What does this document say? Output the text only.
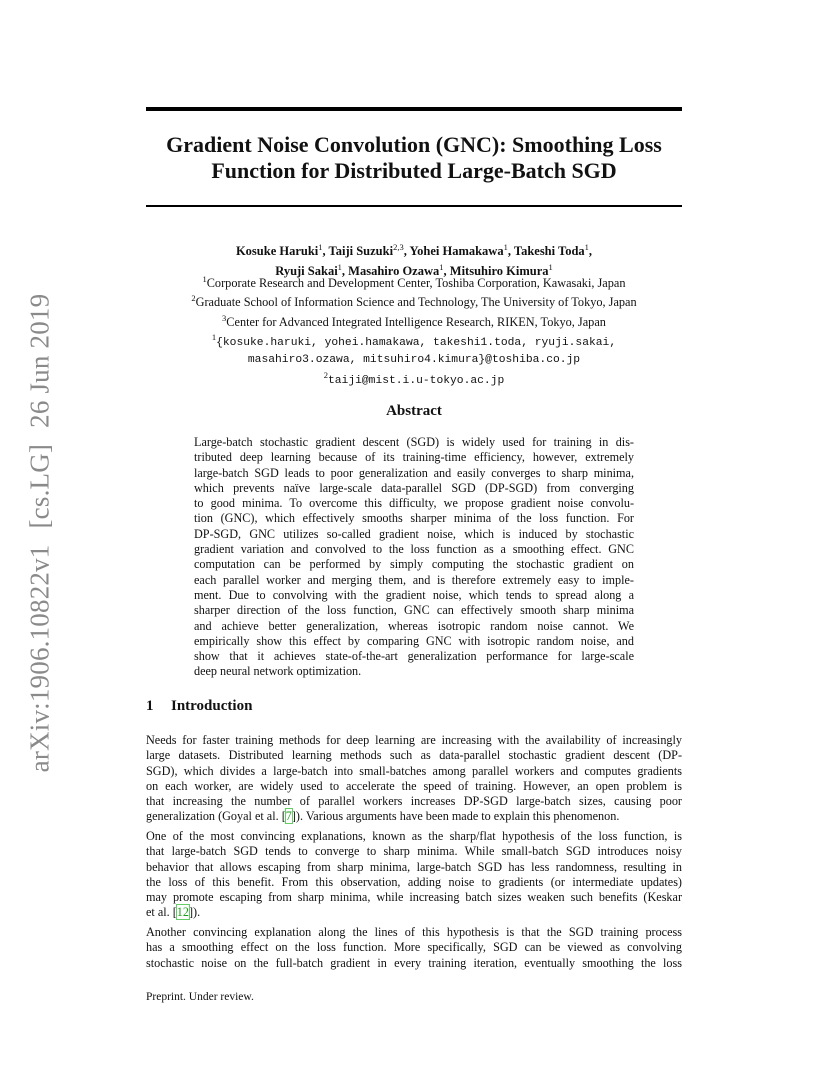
arXiv:1906.10822v1[cs.LG]26 Jun 2019
Gradient Noise Convolution (GNC): Smoothing Loss
Function for Distributed Large-Batch SGD
Kosuke Haruki$^1$, Taiji Suzuki$^{2,3}$, Yohei Hamakawa$^1$, Takeshi Toda$^1$,
Ryuji Sakai$^1$, Masahiro Ozawa$^1$, Mitsuhiro Kimura$^1$
$^1$Corporate Research and Development Center, Toshiba Corporation, Kawasaki, Japan
$^2$Graduate School of Information Science and Technology, The University of Tokyo, Japan
$^3$Center for Advanced Integrated Intelligence Research, RIKEN, Tokyo, Japan
$^1${kosuke.haruki, yohei.hamakawa, takeshi1.toda, ryuji.sakai,
masahiro3.ozawa, mitsuhiro4.kimura}@toshiba.co.jp
$^2$taiji@mist.i.u-tokyo.ac.jp
Abstract
Large-batch stochastic gradient descent (SGD) is widely used for training in dis-
tributed deep learning because of its training-time efficiency, however, extremely
large-batch SGD leads to poor generalization and easily converges to sharp minima,
which prevents naïve large-scale data-parallel SGD (DP-SGD) from converging
to good minima. To overcome this difficulty, we propose gradient noise convolu-
tion (GNC), which effectively smooths sharper minima of the loss function. For
DP-SGD, GNC utilizes so-called gradient noise, which is induced by stochastic
gradient variation and convolved to the loss function as a smoothing effect. GNC
computation can be performed by simply computing the stochastic gradient on
each parallel worker and merging them, and is therefore extremely easy to imple-
ment. Due to convolving with the gradient noise, which tends to spread along a
sharper direction of the loss function, GNC can effectively smooth sharp minima
and achieve better generalization, whereas isotropic random noise cannot. We
empirically show this effect by comparing GNC with isotropic random noise, and
show that it achieves state-of-the-art generalization performance for large-scale
deep neural network optimization.
1 Introduction
Needs for faster training methods for deep learning are increasing with the availability of increasingly
large datasets. Distributed learning methods such as data-parallel stochastic gradient descent (DP-
SGD), which divides a large-batch into small-batches among parallel workers and computes gradients
on each worker, are widely used to accelerate the speed of training. However, an open problem is
that increasing the number of parallel workers increases DP-SGD large-batch sizes, causing poor
generalization (Goyal et al. [7]). Various arguments have been made to explain this phenomenon.
One of the most convincing explanations, known as the sharp/flat hypothesis of the loss function, is
that large-batch SGD tends to converge to sharp minima. While small-batch SGD introduces noisy
behavior that allows escaping from sharp minima, large-batch SGD has less randomness, resulting in
the loss of this benefit. From this observation, adding noise to gradients (or intermediate updates)
may promote escaping from sharp minima, while increasing batch sizes weaken such benefits (Keskar
et al. [12]).
Another convincing explanation along the lines of this hypothesis is that the SGD training process
has a smoothing effect on the loss function. More specifically, SGD can be viewed as convolving
stochastic noise on the full-batch gradient in every training iteration, eventually smoothing the loss
Preprint. Under review.
